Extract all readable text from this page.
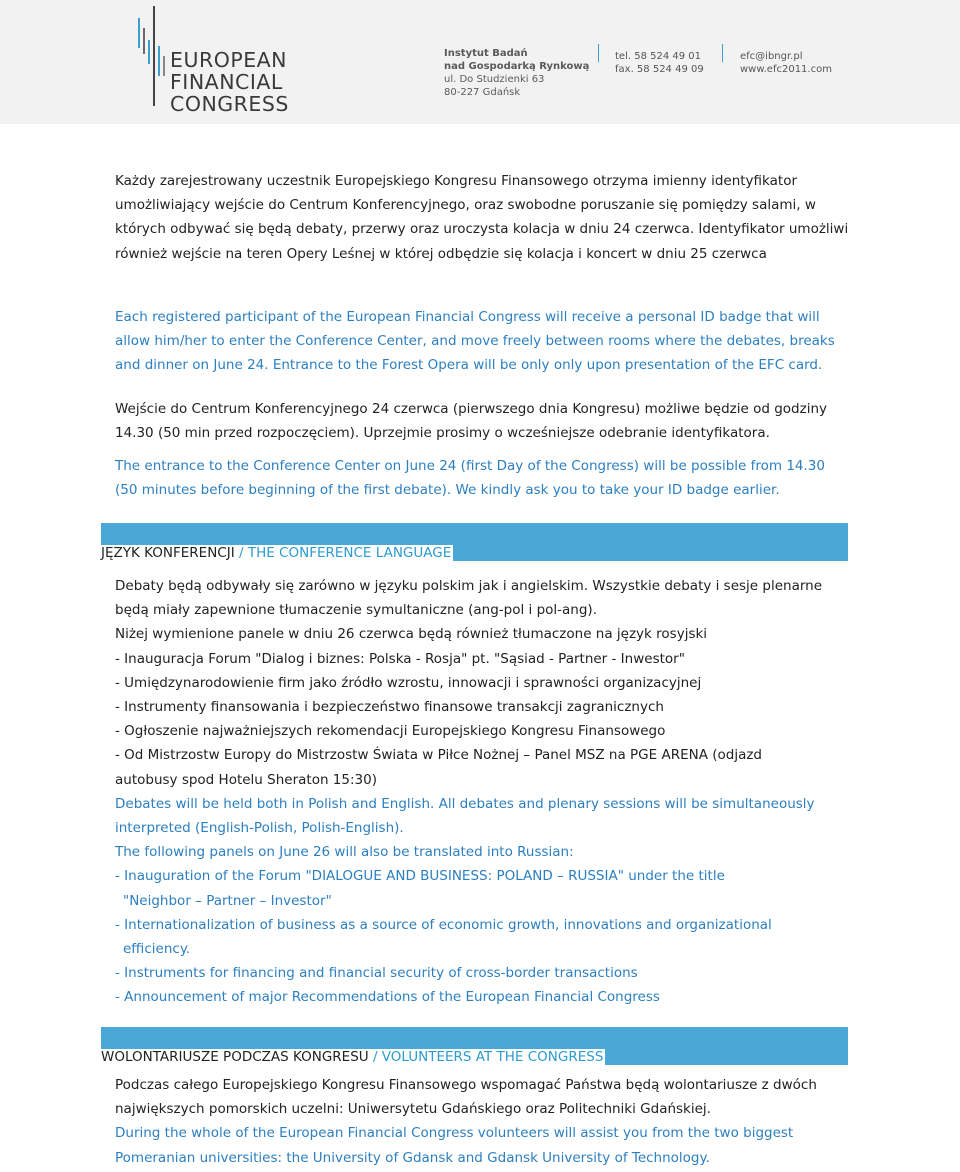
EUROPEAN
FINANCIAL
CONGRESS
Instytut Badań
nad Gospodarką Rynkową
ul. Do Studzienki 63
80-227 Gdańsk
tel. 58 524 49 01
fax. 58 524 49 09
efc@ibngr.pl
www.efc2011.com
Każdy zarejestrowany uczestnik Europejskiego Kongresu Finansowego otrzyma imienny identyfikator umożliwiający wejście do Centrum Konferencyjnego, oraz swobodne poruszanie się pomiędzy salami, w których odbywać się będą debaty, przerwy oraz uroczysta kolacja w dniu 24 czerwca. Identyfikator umożliwi również wejście na teren Opery Leśnej w której odbędzie się kolacja i koncert w dniu 25 czerwca
Each registered participant of the European Financial Congress will receive a personal ID badge that will allow him/her to enter the Conference Center, and move freely between rooms where the debates, breaks and dinner on June 24. Entrance to the Forest Opera will be only only upon presentation of the EFC card.
Wejście do Centrum Konferencyjnego 24 czerwca (pierwszego dnia Kongresu) możliwe będzie od godziny 14.30 (50 min przed rozpoczęciem). Uprzejmie prosimy o wcześniejsze odebranie identyfikatora.
The entrance to the Conference Center on June 24 (first Day of the Congress) will be possible from 14.30 (50 minutes before beginning of the first debate). We kindly ask you to take your ID badge earlier.
JĘZYK KONFERENCJI / THE CONFERENCE LANGUAGE
Debaty będą odbywały się zarówno w języku polskim jak i angielskim. Wszystkie debaty i sesje plenarne
będą miały zapewnione tłumaczenie symultaniczne (ang-pol i pol-ang).
Niżej wymienione panele w dniu 26 czerwca będą również tłumaczone na język rosyjski
- Inauguracja Forum "Dialog i biznes: Polska - Rosja" pt. "Sąsiad - Partner - Inwestor"
- Umiędzynarodowienie firm jako źródło wzrostu, innowacji i sprawności organizacyjnej
- Instrumenty finansowania i bezpieczeństwo finansowe transakcji zagranicznych
- Ogłoszenie najważniejszych rekomendacji Europejskiego Kongresu Finansowego
- Od Mistrzostw Europy do Mistrzostw Świata w Piłce Nożnej – Panel MSZ na PGE ARENA (odjazd
autobusy spod Hotelu Sheraton 15:30)
Debates will be held both in Polish and English. All debates and plenary sessions will be simultaneously
interpreted (English-Polish, Polish-English).
The following panels on June 26 will also be translated into Russian:
- Inauguration of the Forum "DIALOGUE AND BUSINESS: POLAND – RUSSIA" under the title
"Neighbor – Partner – Investor"
- Internationalization of business as a source of economic growth, innovations and organizational
efficiency.
- Instruments for financing and financial security of cross-border transactions
- Announcement of major Recommendations of the European Financial Congress
WOLONTARIUSZE PODCZAS KONGRESU / VOLUNTEERS AT THE CONGRESS
Podczas całego Europejskiego Kongresu Finansowego wspomagać Państwa będą wolontariusze z dwóch
największych pomorskich uczelni: Uniwersytetu Gdańskiego oraz Politechniki Gdańskiej.
During the whole of the European Financial Congress volunteers will assist you from the two biggest
Pomeranian universities: the University of Gdansk and Gdansk University of Technology.
